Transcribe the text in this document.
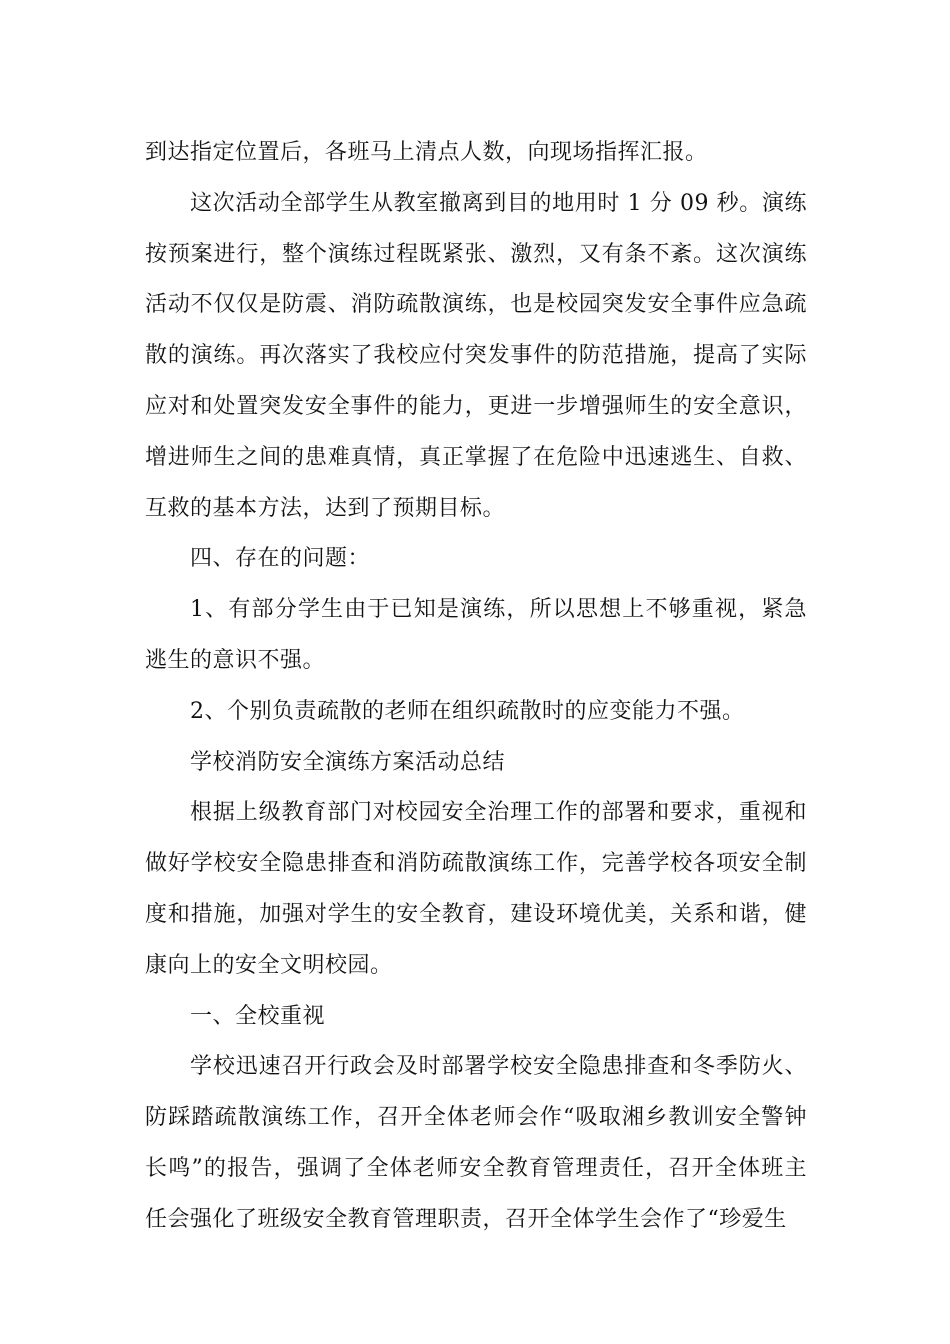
到达指定位置后，各班马上清点人数，向现场指挥汇报。

这次活动全部学生从教室撤离到目的地用时 1 分 09 秒。演练按预案进行，整个演练过程既紧张、激烈，又有条不紊。这次演练活动不仅仅是防震、消防疏散演练，也是校园突发安全事件应急疏散的演练。再次落实了我校应付突发事件的防范措施，提高了实际应对和处置突发安全事件的能力，更进一步增强师生的安全意识，增进师生之间的患难真情，真正掌握了在危险中迅速逃生、自救、互救的基本方法，达到了预期目标。

四、存在的问题：

1、有部分学生由于已知是演练，所以思想上不够重视，紧急逃生的意识不强。

2、个别负责疏散的老师在组织疏散时的应变能力不强。

学校消防安全演练方案活动总结

根据上级教育部门对校园安全治理工作的部署和要求，重视和做好学校安全隐患排查和消防疏散演练工作，完善学校各项安全制度和措施，加强对学生的安全教育，建设环境优美，关系和谐，健康向上的安全文明校园。

一、全校重视

学校迅速召开行政会及时部署学校安全隐患排查和冬季防火、防踩踏疏散演练工作，召开全体老师会作“吸取湘乡教训安全警钟长鸣”的报告，强调了全体老师安全教育管理责任，召开全体班主任会强化了班级安全教育管理职责，召开全体学生会作了“珍爱生
